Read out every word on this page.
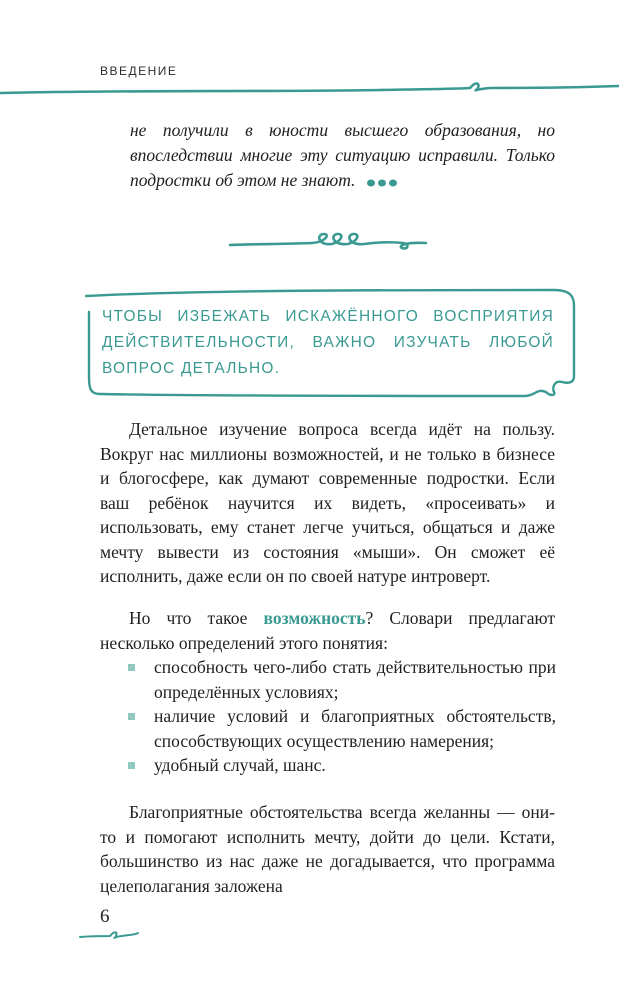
ВВЕДЕНИЕ

не получили в юности высшего образования, но впоследствии многие эту ситуацию исправили. Только подростки об этом не знают.

ЧТОБЫ ИЗБЕЖАТЬ ИСКАЖЁННОГО ВОСПРИЯТИЯ ДЕЙСТВИТЕЛЬНОСТИ, ВАЖНО ИЗУЧАТЬ ЛЮБОЙ ВОПРОС ДЕТАЛЬНО.

Детальное изучение вопроса всегда идёт на пользу. Вокруг нас миллионы возможностей, и не только в бизнесе и блогосфере, как думают современные подростки. Если ваш ребёнок научится их видеть, «просеивать» и использовать, ему станет легче учиться, общаться и даже мечту вывести из состояния «мыши». Он сможет её исполнить, даже если он по своей натуре интроверт.

Но что такое возможность? Словари предлагают несколько определений этого понятия:

способность чего-либо стать действительностью при определённых условиях;
наличие условий и благоприятных обстоятельств, способствующих осуществлению намерения;
удобный случай, шанс.

Благоприятные обстоятельства всегда желанны — они-то и помогают исполнить мечту, дойти до цели. Кстати, большинство из нас даже не догадывается, что программа целеполагания заложена

6
